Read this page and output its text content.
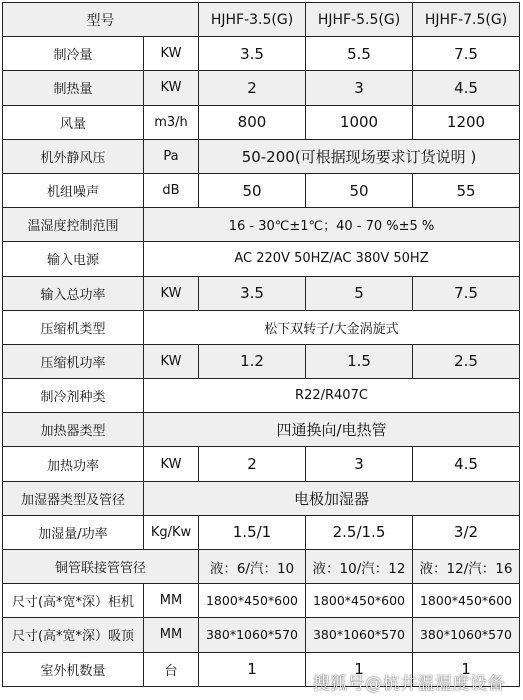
型号		HJHF-3.5(G)	HJHF-5.5(G)	HJHF-7.5(G)
制冷量	KW	3.5	5.5	7.5
制热量	KW	2	3	4.5
风量	m3/h	800	1000	1200
机外静风压	Pa	50-200(可根据现场要求订货说明 )		
机组噪声	dB	50	50	55
温湿度控制范围	16 - 30℃±1℃；40 - 70 %±5 %			
输入电源	AC 220V 50HZ/AC 380V 50HZ			
输入总功率	KW	3.5	5	7.5
压缩机类型	松下双转子/大金涡旋式			
压缩机功率	KW	1.2	1.5	2.5
制冷剂种类	R22/R407C			
加热器类型	四通换向/电热管			
加热功率	KW	2	3	4.5
加湿器类型及管径	电极加湿器			
加湿量/功率	Kg/Kw	1.5/1	2.5/1.5	3/2
铜管联接管管径		液：6/汽：10	液：10/汽：12	液：12/汽：16
尺寸(高*宽*深）柜机	MM	1800*450*600	1800*450*600	1800*450*600
尺寸(高*宽*深）吸顶	MM	380*1060*570	380*1060*570	380*1060*570
室外机数量	台	1	1	1
搜狐号@杭井温湿度设备
